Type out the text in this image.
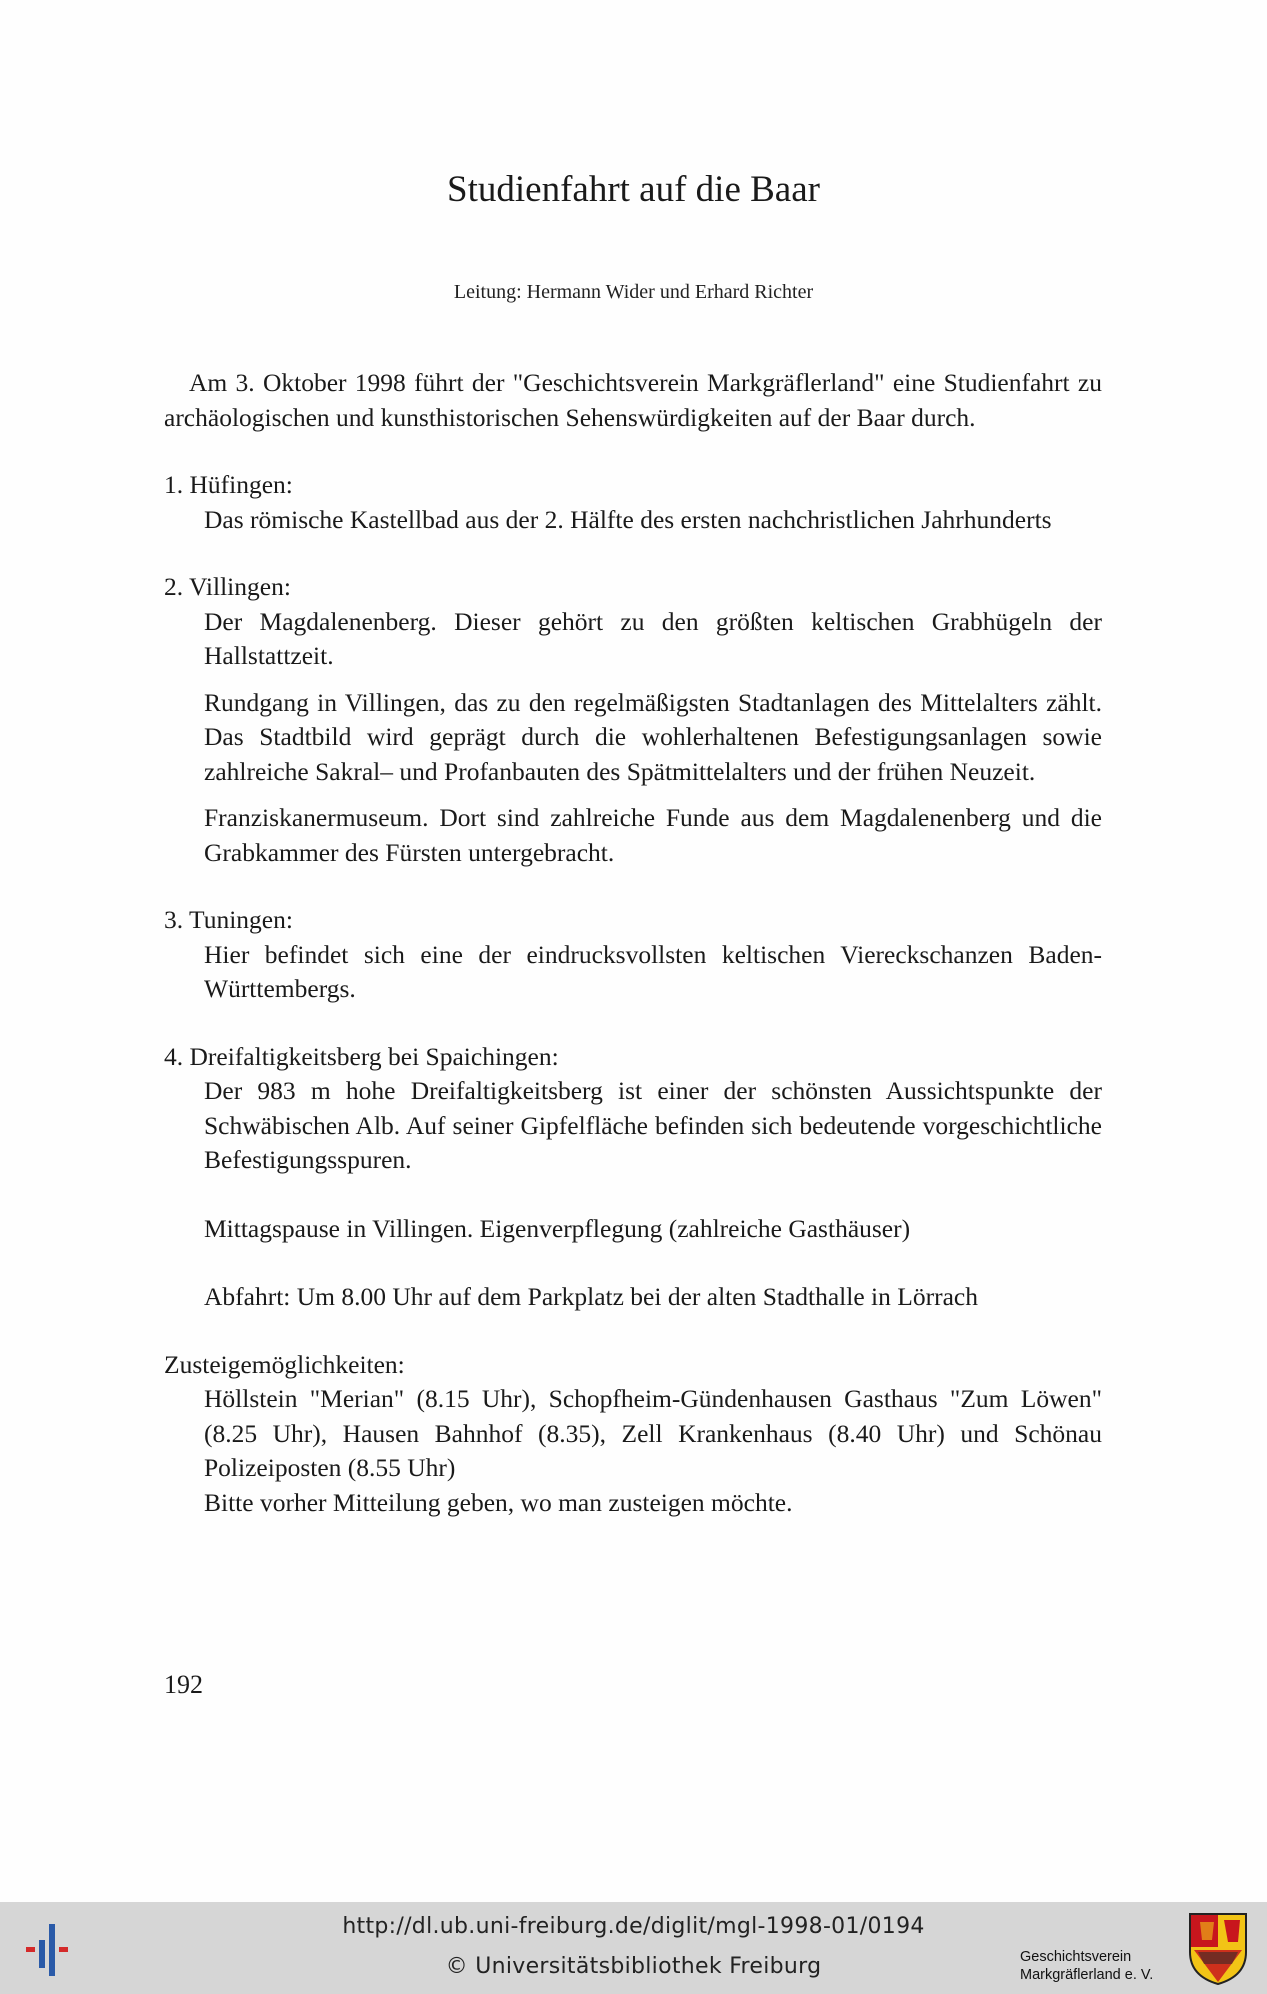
Studienfahrt auf die Baar
Leitung: Hermann Wider und Erhard Richter

Am 3. Oktober 1998 führt der "Geschichtsverein Markgräflerland" eine Studienfahrt zu archäologischen und kunsthistorischen Sehenswürdigkeiten auf der Baar durch.

1. Hüfingen:

Das römische Kastellbad aus der 2. Hälfte des ersten nachchristlichen Jahrhunderts

2. Villingen:

Der Magdalenenberg. Dieser gehört zu den größten keltischen Grabhügeln der Hallstattzeit.

Rundgang in Villingen, das zu den regelmäßigsten Stadtanlagen des Mittelalters zählt. Das Stadtbild wird geprägt durch die wohlerhaltenen Befestigungsanlagen sowie zahlreiche Sakral– und Profanbauten des Spätmittelalters und der frühen Neuzeit.

Franziskanermuseum. Dort sind zahlreiche Funde aus dem Magdalenenberg und die Grabkammer des Fürsten untergebracht.

3. Tuningen:

Hier befindet sich eine der eindrucksvollsten keltischen Viereckschanzen Baden-Württembergs.

4. Dreifaltigkeitsberg bei Spaichingen:

Der 983 m hohe Dreifaltigkeitsberg ist einer der schönsten Aussichtspunkte der Schwäbischen Alb. Auf seiner Gipfelfläche befinden sich bedeutende vorgeschichtliche Befestigungsspuren.

Mittagspause in Villingen. Eigenverpflegung (zahlreiche Gasthäuser)

Abfahrt: Um 8.00 Uhr auf dem Parkplatz bei der alten Stadthalle in Lörrach

Zusteigemöglichkeiten:

Höllstein "Merian" (8.15 Uhr), Schopfheim-Gündenhausen Gasthaus "Zum Löwen" (8.25 Uhr), Hausen Bahnhof (8.35), Zell Krankenhaus (8.40 Uhr) und Schönau Polizeiposten (8.55 Uhr)

Bitte vorher Mitteilung geben, wo man zusteigen möchte.

192
http://dl.ub.uni-freiburg.de/diglit/mgl-1998-01/0194
© Universitätsbibliothek Freiburg	Geschichtsverein
Markgräflerland e. V.
